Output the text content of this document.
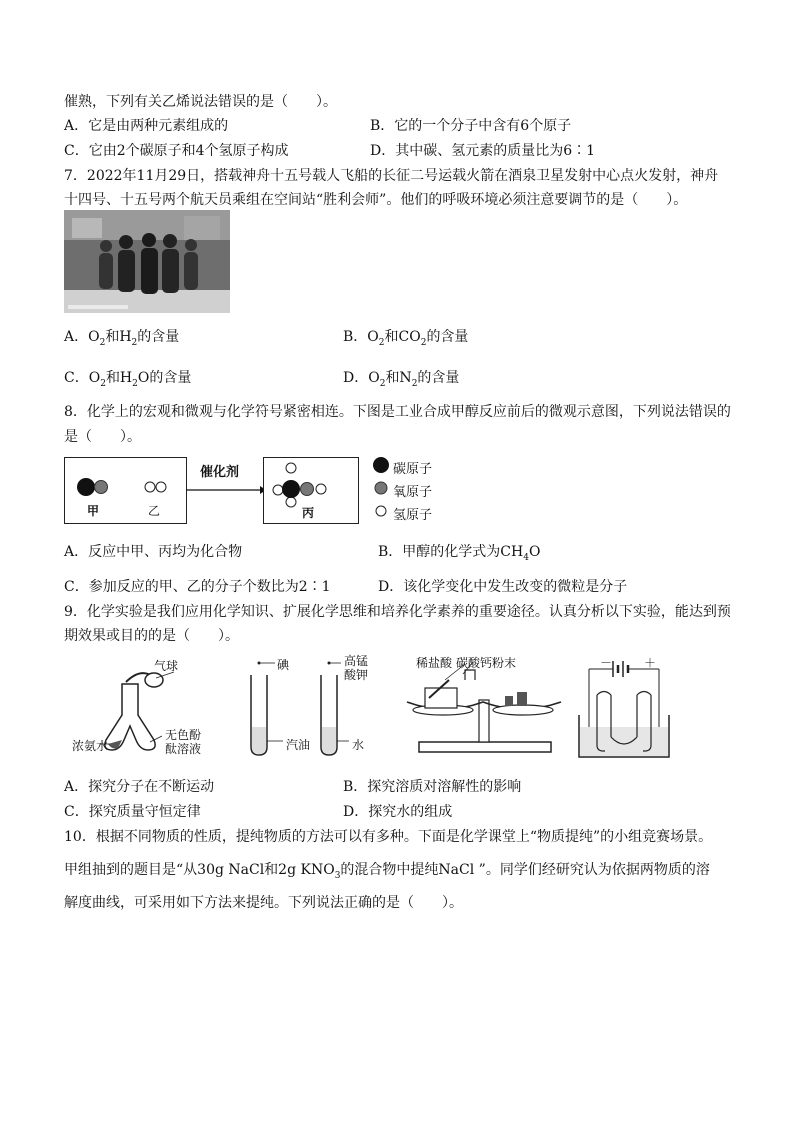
催熟，下列有关乙烯说法错误的是（　　）。
A．它是由两种元素组成的	B．它的一个分子中含有6个原子
C．它由2个碳原子和4个氢原子构成	D．其中碳、氢元素的质量比为6∶1
7．2022年11月29日，搭载神舟十五号载人飞船的长征二号运载火箭在酒泉卫星发射中心点火发射，神舟
十四号、十五号两个航天员乘组在空间站“胜利会师”。他们的呼吸环境必须注意要调节的是（　　）。
A．$O_2$和$H_2$的含量	B．$O_2$和$CO_2$的含量
C．$O_2$和$H_2O$的含量	D．$O_2$和$N_2$的含量
8．化学上的宏观和微观与化学符号紧密相连。下图是工业合成甲醇反应前后的微观示意图，下列说法错误的
是（　　）。
甲	乙
催化剂
丙
碳原子
氧原子
氢原子
A．反应中甲、丙均为化合物	B．甲醇的化学式为$CH_4O$
C．参加反应的甲、乙的分子个数比为2∶1	D．该化学变化中发生改变的微粒是分子
9．化学实验是我们应用化学知识、扩展化学思维和培养化学素养的重要途径。认真分析以下实验，能达到预
期效果或目的的是（　　）。
气球
浓氨水
无色酚
酞溶液
碘	高锰
酸钾
汽油	水
稀盐酸 碳酸钙粉末	－	＋
A．探究分子在不断运动	B．探究溶质对溶解性的影响
C．探究质量守恒定律	D．探究水的组成
10．根据不同物质的性质，提纯物质的方法可以有多种。下面是化学课堂上“物质提纯”的小组竞赛场景。
甲组抽到的题目是“从30g NaCl和2g $KNO_3$的混合物中提纯NaCl ”。同学们经研究认为依据两物质的溶
解度曲线，可采用如下方法来提纯。下列说法正确的是（　　）。
